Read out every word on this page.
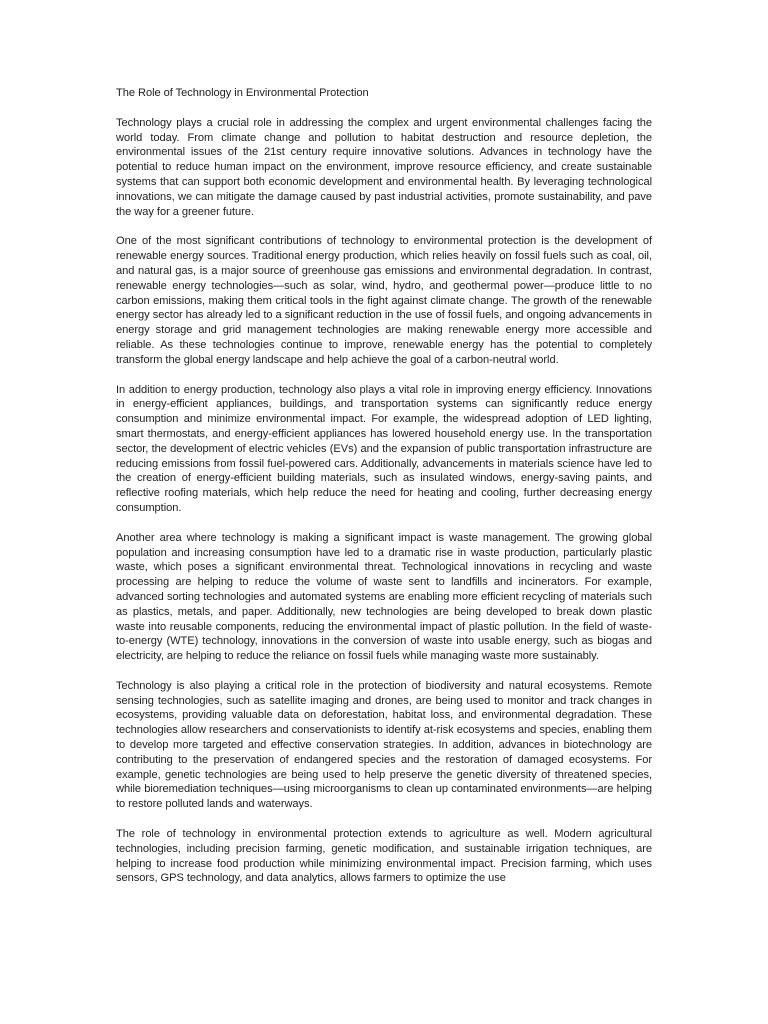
The Role of Technology in Environmental Protection

Technology plays a crucial role in addressing the complex and urgent environmental challenges facing the world today. From climate change and pollution to habitat destruction and resource depletion, the environmental issues of the 21st century require innovative solutions. Advances in technology have the potential to reduce human impact on the environment, improve resource efficiency, and create sustainable systems that can support both economic development and environmental health. By leveraging technological innovations, we can mitigate the damage caused by past industrial activities, promote sustainability, and pave the way for a greener future.

One of the most significant contributions of technology to environmental protection is the development of renewable energy sources. Traditional energy production, which relies heavily on fossil fuels such as coal, oil, and natural gas, is a major source of greenhouse gas emissions and environmental degradation. In contrast, renewable energy technologies—such as solar, wind, hydro, and geothermal power—produce little to no carbon emissions, making them critical tools in the fight against climate change. The growth of the renewable energy sector has already led to a significant reduction in the use of fossil fuels, and ongoing advancements in energy storage and grid management technologies are making renewable energy more accessible and reliable. As these technologies continue to improve, renewable energy has the potential to completely transform the global energy landscape and help achieve the goal of a carbon-neutral world.

In addition to energy production, technology also plays a vital role in improving energy efficiency. Innovations in energy-efficient appliances, buildings, and transportation systems can significantly reduce energy consumption and minimize environmental impact. For example, the widespread adoption of LED lighting, smart thermostats, and energy-efficient appliances has lowered household energy use. In the transportation sector, the development of electric vehicles (EVs) and the expansion of public transportation infrastructure are reducing emissions from fossil fuel-powered cars. Additionally, advancements in materials science have led to the creation of energy-efficient building materials, such as insulated windows, energy-saving paints, and reflective roofing materials, which help reduce the need for heating and cooling, further decreasing energy consumption.

Another area where technology is making a significant impact is waste management. The growing global population and increasing consumption have led to a dramatic rise in waste production, particularly plastic waste, which poses a significant environmental threat. Technological innovations in recycling and waste processing are helping to reduce the volume of waste sent to landfills and incinerators. For example, advanced sorting technologies and automated systems are enabling more efficient recycling of materials such as plastics, metals, and paper. Additionally, new technologies are being developed to break down plastic waste into reusable components, reducing the environmental impact of plastic pollution. In the field of waste-to-energy (WTE) technology, innovations in the conversion of waste into usable energy, such as biogas and electricity, are helping to reduce the reliance on fossil fuels while managing waste more sustainably.

Technology is also playing a critical role in the protection of biodiversity and natural ecosystems. Remote sensing technologies, such as satellite imaging and drones, are being used to monitor and track changes in ecosystems, providing valuable data on deforestation, habitat loss, and environmental degradation. These technologies allow researchers and conservationists to identify at-risk ecosystems and species, enabling them to develop more targeted and effective conservation strategies. In addition, advances in biotechnology are contributing to the preservation of endangered species and the restoration of damaged ecosystems. For example, genetic technologies are being used to help preserve the genetic diversity of threatened species, while bioremediation techniques—using microorganisms to clean up contaminated environments—are helping to restore polluted lands and waterways.

The role of technology in environmental protection extends to agriculture as well. Modern agricultural technologies, including precision farming, genetic modification, and sustainable irrigation techniques, are helping to increase food production while minimizing environmental impact. Precision farming, which uses sensors, GPS technology, and data analytics, allows farmers to optimize the use
